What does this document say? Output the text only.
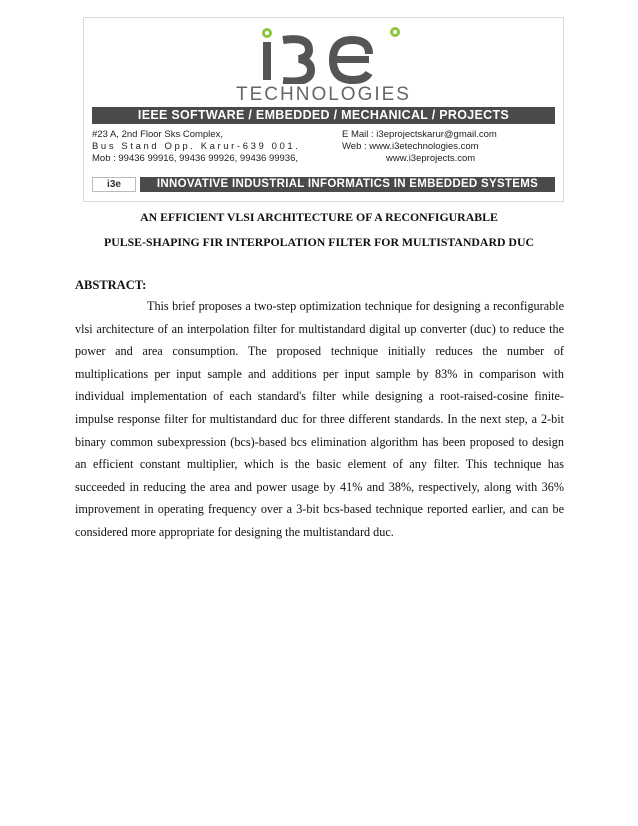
TECHNOLOGIES
IEEE SOFTWARE / EMBEDDED / MECHANICAL / PROJECTS DEVELOPMENT
#23 A, 2nd Floor Sks Complex,
Bus Stand Opp. Karur-639 001.
Mob : 99436 99916, 99436 99926, 99436 99936,
E Mail : i3eprojectskarur@gmail.com
Web : www.i3etechnologies.com
www.i3eprojects.com
i3e	INNOVATIVE INDUSTRIAL INFORMATICS IN EMBEDDED SYSTEMS
AN EFFICIENT VLSI ARCHITECTURE OF A RECONFIGURABLE
PULSE-SHAPING FIR INTERPOLATION FILTER FOR MULTISTANDARD DUC
ABSTRACT:
This brief proposes a two-step optimization technique for designing a reconfigurable vlsi architecture of an interpolation filter for multistandard digital up converter (duc) to reduce the power and area consumption. The proposed technique initially reduces the number of multiplications per input sample and additions per input sample by 83% in comparison with individual implementation of each standard's filter while designing a root-raised-cosine finite-impulse response filter for multistandard duc for three different standards. In the next step, a 2-bit binary common subexpression (bcs)-based bcs elimination algorithm has been proposed to design an efficient constant multiplier, which is the basic element of any filter. This technique has succeeded in reducing the area and power usage by 41% and 38%, respectively, along with 36% improvement in operating frequency over a 3-bit bcs-based technique reported earlier, and can be considered more appropriate for designing the multistandard duc.
